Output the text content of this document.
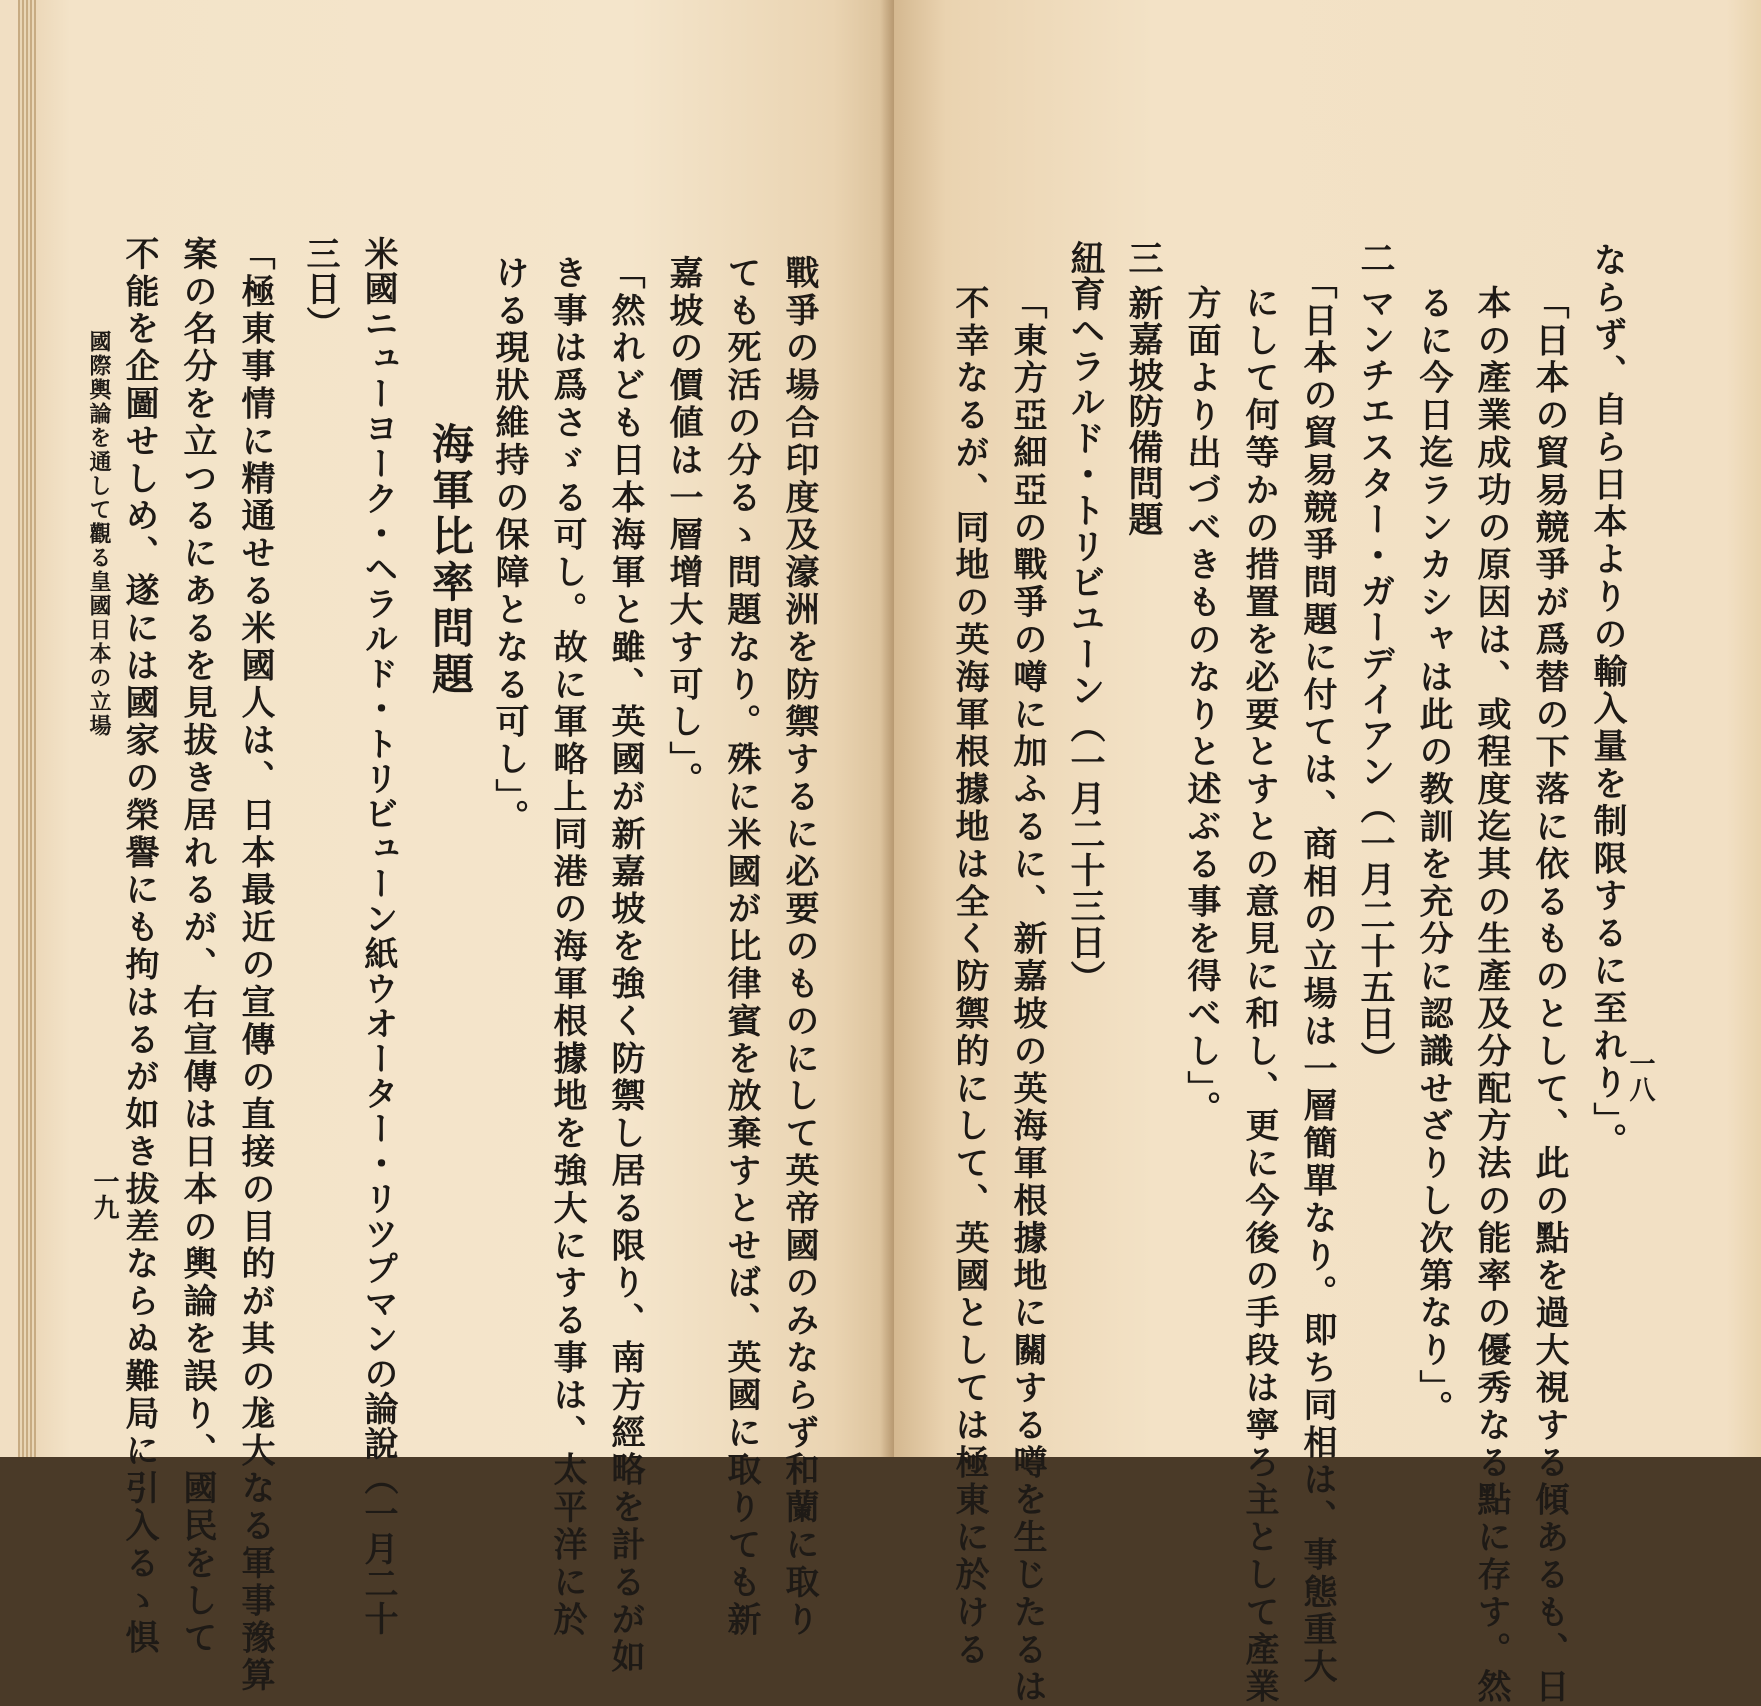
戰爭の場合印度及濠洲を防禦するに必要のものにして英帝國のみならず和蘭に取り
ても死活の分るゝ問題なり。殊に米國が比律賓を放棄すとせば、英國に取りても新
嘉坡の價値は一層增大す可し」。
「然れども日本海軍と雖、英國が新嘉坡を強く防禦し居る限り、南方經略を計るが如
き事は爲さゞる可し。故に軍略上同港の海軍根據地を強大にする事は、太平洋に於
ける現狀維持の保障となる可し」。
海軍比率問題
米國ニューヨーク・ヘラルド・トリビューン紙ウオーター・リツプマンの論說（一月二十
三日）
「極東事情に精通せる米國人は、日本最近の宣傳の直接の目的が其の尨大なる軍事豫算
案の名分を立つるにあるを見拔き居れるが、右宣傳は日本の輿論を誤り、國民をして
不能を企圖せしめ、遂には國家の榮譽にも拘はるが如き拔差ならぬ難局に引入るゝ惧
國際輿論を通して觀る皇國日本の立場
一九
一八
ならず、自ら日本よりの輸入量を制限するに至れり」。
「日本の貿易競爭が爲替の下落に依るものとして、此の點を過大視する傾あるも、日
本の產業成功の原因は、或程度迄其の生產及分配方法の能率の優秀なる點に存す。然
るに今日迄ランカシャは此の教訓を充分に認識せざりし次第なり」。
二
マンチエスター・ガーデイアン（一月二十五日）
「日本の貿易競爭問題に付ては、商相の立場は一層簡單なり。即ち同相は、事態重大
にして何等かの措置を必要とすとの意見に和し、更に今後の手段は寧ろ主として產業
方面より出づべきものなりと述ぶる事を得べし」。
三
新嘉坡防備問題
紐育ヘラルド・トリビユーン（一月二十三日）
「東方亞細亞の戰爭の噂に加ふるに、新嘉坡の英海軍根據地に關する噂を生じたるは
不幸なるが、同地の英海軍根據地は全く防禦的にして、英國としては極東に於ける
